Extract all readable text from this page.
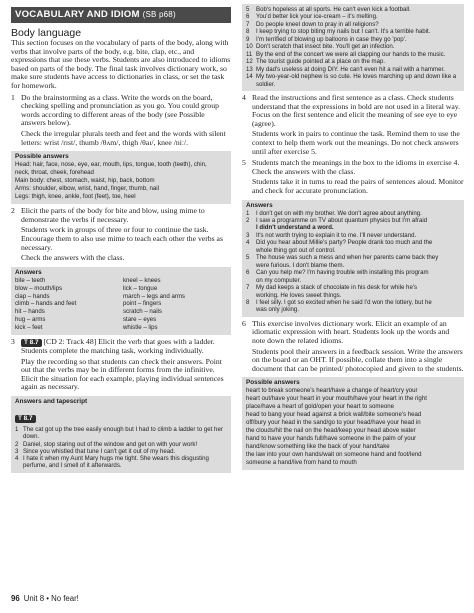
VOCABULARY AND IDIOM (SB p68)
Body language

This section focuses on the vocabulary of parts of the body, along with verbs that involve parts of the body, e.g. bite, clap, etc., and expressions that use these verbs. Students are also introduced to idioms based on parts of the body. The final task involves dictionary work, so make sure students have access to dictionaries in class, or set the task for homework.

1 Do the brainstorming as a class. Write the words on the board, checking spelling and pronunciation as you go. You could group words according to different areas of the body (see Possible answers below).

Check the irregular plurals teeth and feet and the words with silent letters: wrist /rɪst/, thumb /θʌm/, thigh /θaɪ/, knee /niː/.

Possible answers
Head: hair, face, nose, eye, ear, mouth, lips, tongue, tooth (teeth), chin,
neck, throat, cheek, forehead
Main body: chest, stomach, waist, hip, back, bottom
Arms: shoulder, elbow, wrist, hand, finger, thumb, nail
Legs: thigh, knee, ankle, foot (feet), toe, heel
2 Elicit the parts of the body for bite and blow, using mime to demonstrate the verbs if necessary.

Students work in groups of three or four to continue the task. Encourage them to also use mime to teach each other the verbs as necessary.

Check the answers with the class.

Answers
bite – teeth
blow – mouth/lips
clap – hands
climb – hands and feet
hit – hands
hug – arms
kick – feet
kneel – knees
lick – tongue
march – legs and arms
point – fingers
scratch – nails
stare – eyes
whistle – lips
3	T 8.7 [CD 2: Track 48] Elicit the verb that goes with a ladder. Students complete the matching task, working individually.

Play the recording so that students can check their answers. Point out that the verbs may be in different forms from the infinitive. Elicit the situation for each example, playing individual sentences again as necessary.

Answers and tapescript
T 8.7
1 The cat got up the tree easily enough but I had to climb a ladder to get her down.
2 Daniel, stop staring out of the window and get on with your work!
3 Since you whistled that tune I can't get it out of my head.
4 I hate it when my Aunt Mary hugs me tight. She wears this disgusting perfume, and I smell of it afterwards.
5	Bob's hopeless at all sports. He can't even kick a football.
6	You'd better lick your ice-cream – it's melting.
7	Do people kneel down to pray in all religions?
8	I keep trying to stop biting my nails but I can't. It's a terrible habit.
9	I'm terrified of blowing up balloons in case they go 'pop'.
10 Don't scratch that insect bite. You'll get an infection.
11 By the end of the concert we were all clapping our hands to the music.
12 The tourist guide pointed at a place on the map.
13 My dad's useless at doing DIY. He can't even hit a nail with a hammer.
14 My two-year-old nephew is so cute. He loves marching up and down like a soldier.
4 Read the instructions and first sentence as a class. Check students understand that the expressions in bold are not used in a literal way. Focus on the first sentence and elicit the meaning of see eye to eye (agree).

Students work in pairs to continue the task. Remind them to use the context to help them work out the meanings. Do not check answers until after exercise 5.

5 Students match the meanings in the box to the idioms in exercise 4. Check the answers with the class.

Students take it in turns to read the pairs of sentences aloud. Monitor and check for accurate pronunciation.

Answers
1	I don't get on with my brother. We don't agree about anything.
2	I saw a programme on TV about quantum physics but I'm afraid
I didn't understand a word.
3	It's not worth trying to explain it to me. I'll never understand.
4	Did you hear about Millie's party? People drank too much and the
whole thing got out of control.
5	The house was such a mess and when her parents came back they
were furious. I don't blame them.
6	Can you help me? I'm having trouble with installing this program
on my computer.
7	My dad keeps a stack of chocolate in his desk for while he's
working. He loves sweet things.
8	I feel silly. I got so excited when he said I'd won the lottery, but he
was only joking.
6 This exercise involves dictionary work. Elicit an example of an idiomatic expression with heart. Students look up the words and note down the related idioms.

Students pool their answers in a feedback session. Write the answers on the board or an OHT. If possible, collate them into a single document that can be printed/ photocopied and given to the students.

Possible answers
heart to break someone's heart/have a change of heart/cry your
heart out/have your heart in your mouth/have your heart in the right
place/have a heart of gold/open your heart to someone
head to bang your head against a brick wall/bite someone's head
off/bury your head in the sand/go to your head/have your head in
the clouds/hit the nail on the head/keep your head above water
hand to have your hands full/have someone in the palm of your
hand/know something like the back of your hand/take
the law into your own hands/wait on someone hand and foot/lend
someone a hand/live from hand to mouth
96 Unit 8 • No fear!
